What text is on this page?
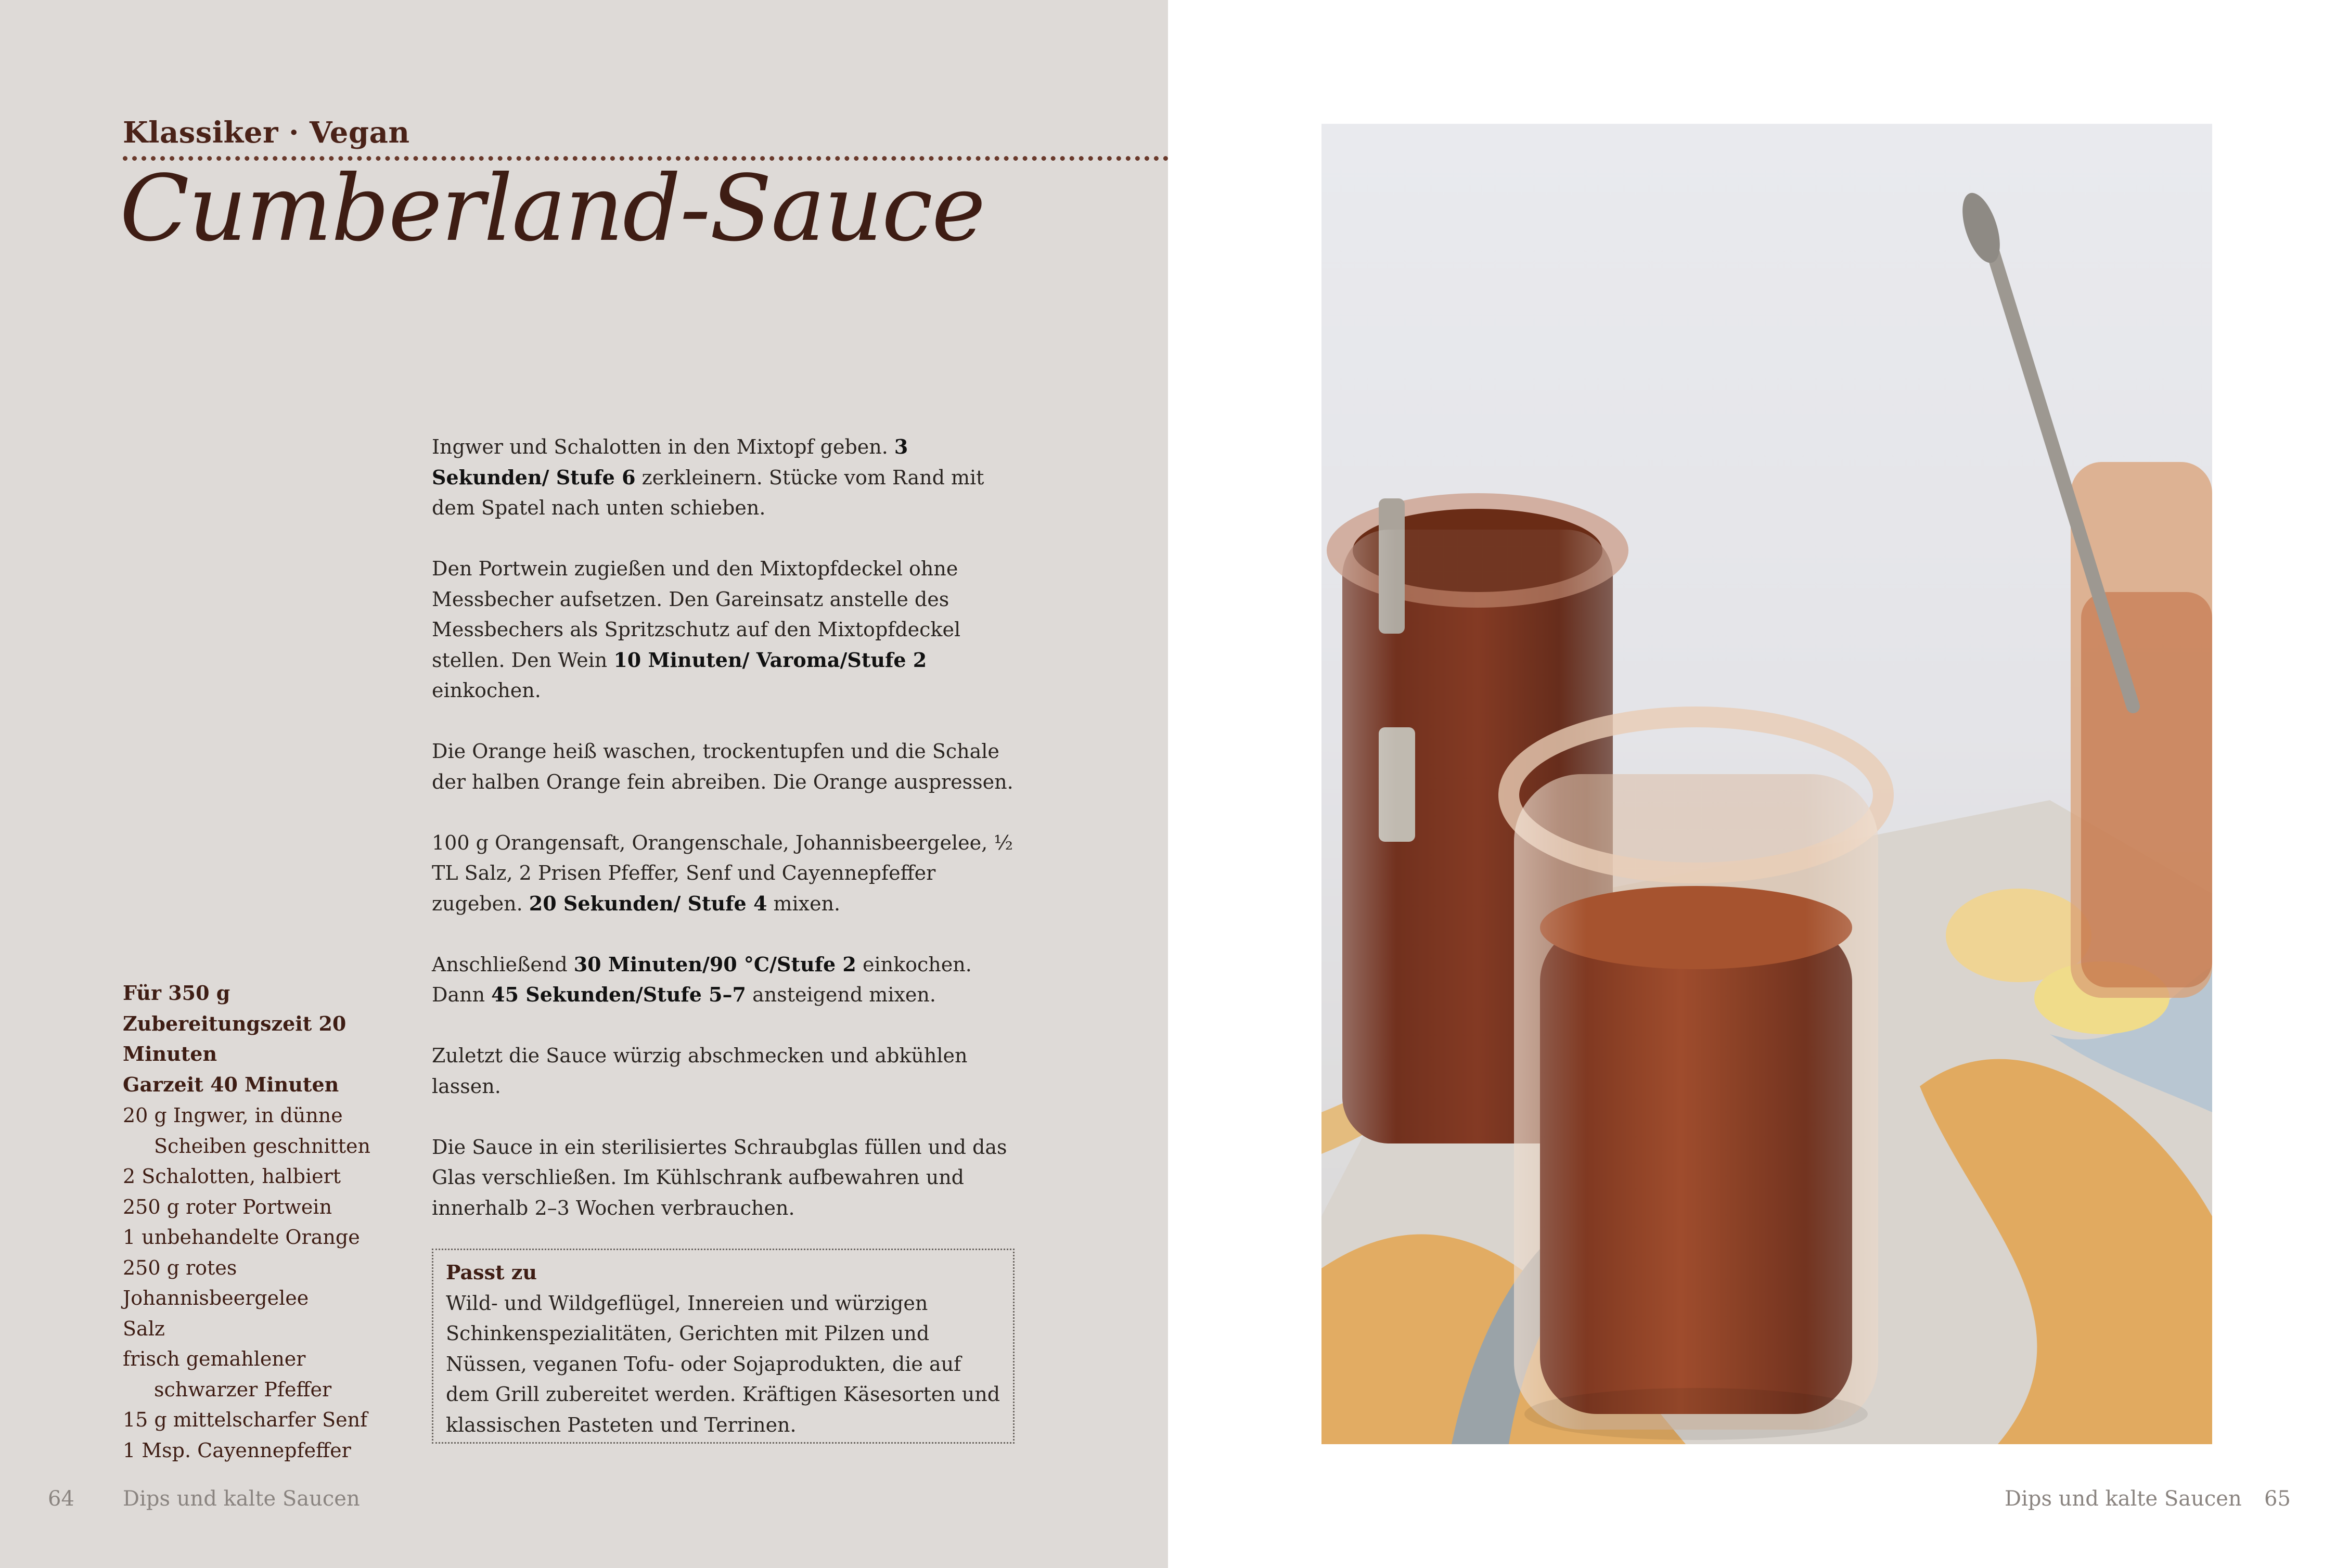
Klassiker · Vegan
Cumberland-Sauce

Ingwer und Schalotten in den Mixtopf geben. 3 Sekunden/ Stufe 6 zerkleinern. Stücke vom Rand mit dem Spatel nach unten schieben.

Den Portwein zugießen und den Mixtopfdeckel ohne Messbecher aufsetzen. Den Gareinsatz anstelle des Messbechers als Spritzschutz auf den Mixtopfdeckel stellen. Den Wein 10 Minuten/ Varoma/Stufe 2 einkochen.

Die Orange heiß waschen, trockentupfen und die Schale der halben Orange fein abreiben. Die Orange auspressen.

100 g Orangensaft, Orangenschale, Johannisbeergelee, ½ TL Salz, 2 Prisen Pfeffer, Senf und Cayennepfeffer zugeben. 20 Sekunden/ Stufe 4 mixen.

Anschließend 30 Minuten/90 °C/Stufe 2 einkochen. Dann 45 Sekunden/Stufe 5–7 ansteigend mixen.

Zuletzt die Sauce würzig abschmecken und abkühlen lassen.

Die Sauce in ein sterilisiertes Schraubglas füllen und das Glas verschließen. Im Kühlschrank aufbewahren und innerhalb 2–3 Wochen verbrauchen.

Für 350 g
Zubereitungszeit 20 Minuten
Garzeit 40 Minuten
20 g Ingwer, in dünne
Scheiben geschnitten
2 Schalotten, halbiert
250 g roter Portwein
1 unbehandelte Orange
250 g rotes Johannisbeergelee
Salz
frisch gemahlener
schwarzer Pfeffer
15 g mittelscharfer Senf
1 Msp. Cayennepfeffer
Passt zu
Wild- und Wildgeflügel, Innereien und würzigen Schinkenspezialitäten, Gerichten mit Pilzen und Nüssen, veganen Tofu- oder Sojaprodukten, die auf dem Grill zubereitet werden. Kräftigen Käsesorten und klassischen Pasteten und Terrinen.
64 Dips und kalte Saucen	Dips und kalte Saucen 65
